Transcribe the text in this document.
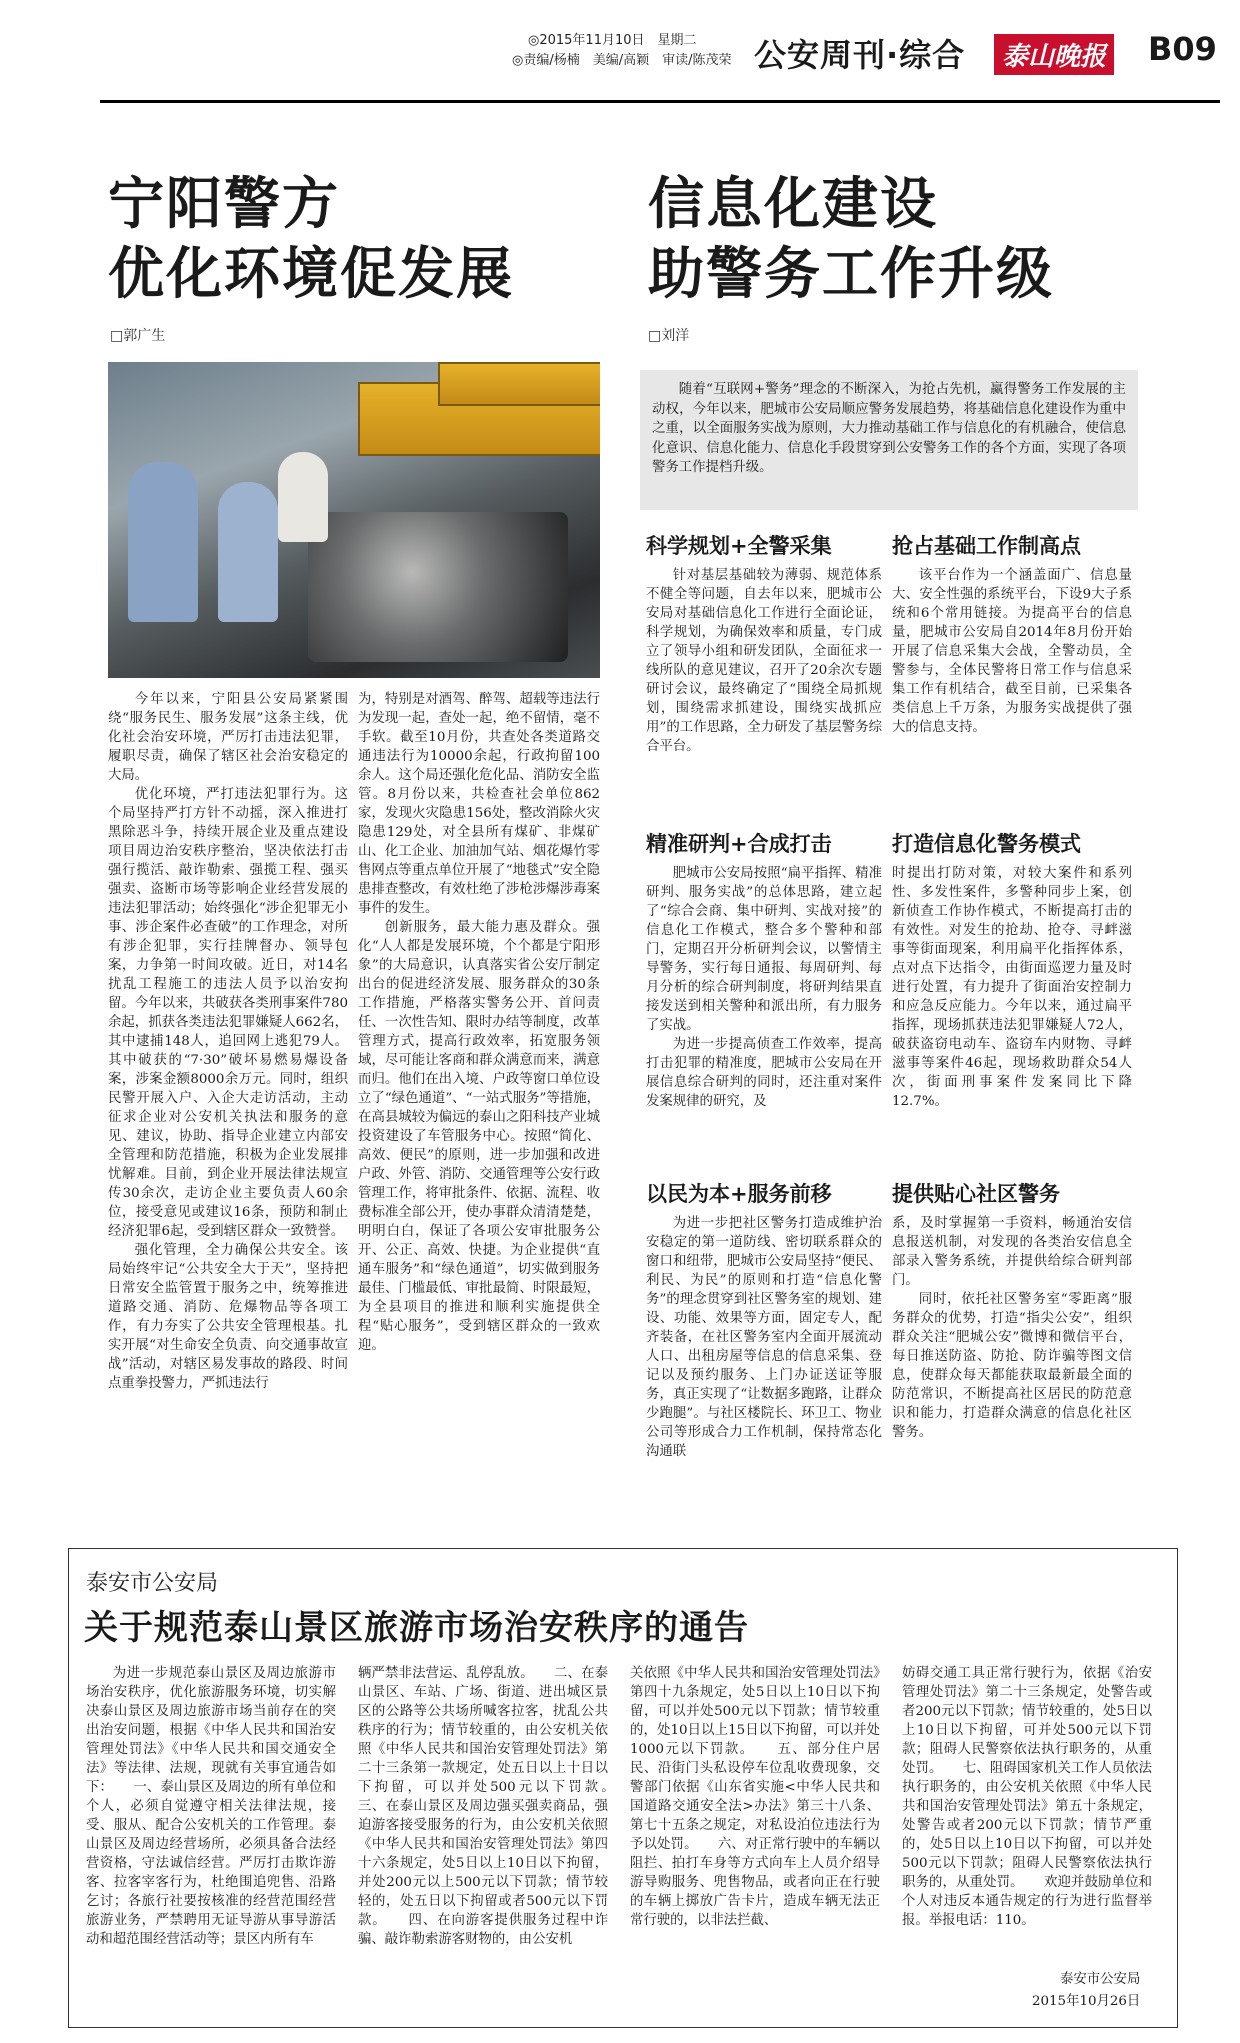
◎2015年11月10日　星期二
◎责编/杨楠　美编/高颖　审读/陈茂荣 公安周刊·综合	泰山晚报 B09
宁阳警方
优化环境促发展
□郭广生

今年以来，宁阳县公安局紧紧围绕“服务民生、服务发展”这条主线，优化社会治安环境，严厉打击违法犯罪，履职尽责，确保了辖区社会治安稳定的大局。

优化环境，严打违法犯罪行为。这个局坚持严打方针不动摇，深入推进打黑除恶斗争，持续开展企业及重点建设项目周边治安秩序整治，坚决依法打击强行揽活、敲诈勒索、强揽工程、强买强卖、盗断市场等影响企业经营发展的违法犯罪活动；始终强化“涉企犯罪无小事、涉企案件必查破”的工作理念，对所有涉企犯罪，实行挂牌督办、领导包案，力争第一时间攻破。近日，对14名扰乱工程施工的违法人员予以治安拘留。今年以来，共破获各类刑事案件780余起，抓获各类违法犯罪嫌疑人662名，其中逮捕148人，追回网上逃犯79人。其中破获的“7·30”破坏易燃易爆设备案，涉案金额8000余万元。同时，组织民警开展入户、入企大走访活动，主动征求企业对公安机关执法和服务的意见、建议，协助、指导企业建立内部安全管理和防范措施，积极为企业发展排忧解难。目前，到企业开展法律法规宣传30余次，走访企业主要负责人60余位，接受意见或建议16条，预防和制止经济犯罪6起，受到辖区群众一致赞誉。

强化管理，全力确保公共安全。该局始终牢记“公共安全大于天”，坚持把日常安全监管置于服务之中，统筹推进道路交通、消防、危爆物品等各项工作，有力夯实了公共安全管理根基。扎实开展“对生命安全负责、向交通事故宣战”活动，对辖区易发事故的路段、时间点重拳投警力，严抓违法行

为，特别是对酒驾、醉驾、超载等违法行为发现一起，查处一起，绝不留情，毫不手软。截至10月份，共查处各类道路交通违法行为10000余起，行政拘留100余人。这个局还强化危化品、消防安全监管。8月份以来，共检查社会单位862家，发现火灾隐患156处，整改消除火灾隐患129处，对全县所有煤矿、非煤矿山、化工企业、加油加气站、烟花爆竹零售网点等重点单位开展了“地毯式”安全隐患排查整改，有效杜绝了涉枪涉爆涉毒案事件的发生。

创新服务，最大能力惠及群众。强化“人人都是发展环境，个个都是宁阳形象”的大局意识，认真落实省公安厅制定出台的促进经济发展、服务群众的30条工作措施，严格落实警务公开、首问责任、一次性告知、限时办结等制度，改革管理方式，提高行政效率，拓宽服务领域，尽可能让客商和群众满意而来，满意而归。他们在出入境、户政等窗口单位设立了“绿色通道”、“一站式服务”等措施，在高县城较为偏远的泰山之阳科技产业城投资建设了车管服务中心。按照“简化、高效、便民”的原则，进一步加强和改进户政、外管、消防、交通管理等公安行政管理工作，将审批条件、依据、流程、收费标准全部公开，使办事群众清清楚楚，明明白白，保证了各项公安审批服务公开、公正、高效、快捷。为企业提供“直通车服务”和“绿色通道”，切实做到服务最佳、门槛最低、审批最简、时限最短，为全县项目的推进和顺利实施提供全程“贴心服务”，受到辖区群众的一致欢迎。

信息化建设
助警务工作升级
□刘洋
随着“互联网+警务”理念的不断深入，为抢占先机，赢得警务工作发展的主动权，今年以来，肥城市公安局顺应警务发展趋势，将基础信息化建设作为重中之重，以全面服务实战为原则，大力推动基础工作与信息化的有机融合，使信息化意识、信息化能力、信息化手段贯穿到公安警务工作的各个方面，实现了各项警务工作提档升级。
科学规划+全警采集	抢占基础工作制高点

针对基层基础较为薄弱、规范体系不健全等问题，自去年以来，肥城市公安局对基础信息化工作进行全面论证，科学规划，为确保效率和质量，专门成立了领导小组和研发团队，全面征求一线所队的意见建议，召开了20余次专题研讨会议，最终确定了“围绕全局抓规划，围绕需求抓建设，围绕实战抓应用”的工作思路，全力研发了基层警务综合平台。

该平台作为一个涵盖面广、信息量大、安全性强的系统平台，下设9大子系统和6个常用链接。为提高平台的信息量，肥城市公安局自2014年8月份开始开展了信息采集大会战，全警动员，全警参与，全体民警将日常工作与信息采集工作有机结合，截至目前，已采集各类信息上千万条，为服务实战提供了强大的信息支持。

精准研判+合成打击	打造信息化警务模式

肥城市公安局按照“扁平指挥、精准研判、服务实战”的总体思路，建立起了“综合会商、集中研判、实战对接”的信息化工作模式，整合多个警种和部门，定期召开分析研判会议，以警情主导警务，实行每日通报、每周研判、每月分析的综合研判制度，将研判结果直接发送到相关警种和派出所，有力服务了实战。

为进一步提高侦查工作效率，提高打击犯罪的精准度，肥城市公安局在开展信息综合研判的同时，还注重对案件发案规律的研究，及

时提出打防对策，对较大案件和系列性、多发性案件，多警种同步上案，创新侦查工作协作模式，不断提高打击的有效性。对发生的抢劫、抢夺、寻衅滋事等街面现案，利用扁平化指挥体系，点对点下达指令，由街面巡逻力量及时进行处置，有力提升了街面治安控制力和应急反应能力。今年以来，通过扁平指挥，现场抓获违法犯罪嫌疑人72人，破获盗窃电动车、盗窃车内财物、寻衅滋事等案件46起，现场救助群众54人次，街面刑事案件发案同比下降12.7%。

以民为本+服务前移	提供贴心社区警务

为进一步把社区警务打造成维护治安稳定的第一道防线、密切联系群众的窗口和纽带，肥城市公安局坚持“便民、利民、为民”的原则和打造“信息化警务”的理念贯穿到社区警务室的规划、建设、功能、效果等方面，固定专人，配齐装备，在社区警务室内全面开展流动人口、出租房屋等信息的信息采集、登记以及预约服务、上门办证送证等服务，真正实现了“让数据多跑路，让群众少跑腿”。与社区楼院长、环卫工、物业公司等形成合力工作机制，保持常态化沟通联

系，及时掌握第一手资料，畅通治安信息报送机制，对发现的各类治安信息全部录入警务系统，并提供给综合研判部门。

同时，依托社区警务室“零距离”服务群众的优势，打造“指尖公安”，组织群众关注“肥城公安”微博和微信平台，每日推送防盗、防抢、防诈骗等图文信息，使群众每天都能获取最新最全面的防范常识，不断提高社区居民的防范意识和能力，打造群众满意的信息化社区警务。

泰安市公安局
关于规范泰山景区旅游市场治安秩序的通告

为进一步规范泰山景区及周边旅游市场治安秩序，优化旅游服务环境，切实解决泰山景区及周边旅游市场当前存在的突出治安问题，根据《中华人民共和国治安管理处罚法》《中华人民共和国交通安全法》等法律、法规，现就有关事宜通告如下：　　一、泰山景区及周边的所有单位和个人，必须自觉遵守相关法律法规，接受、服从、配合公安机关的工作管理。泰山景区及周边经营场所，必须具备合法经营资格，守法诚信经营。严厉打击欺诈游客、拉客宰客行为，杜绝围追兜售、沿路乞讨；各旅行社要按核准的经营范围经营旅游业务，严禁聘用无证导游从事导游活动和超范围经营活动等；景区内所有车

辆严禁非法营运、乱停乱放。　　二、在泰山景区、车站、广场、街道、进出城区景区的公路等公共场所喊客拉客，扰乱公共秩序的行为；情节较重的，由公安机关依照《中华人民共和国治安管理处罚法》第二十三条第一款规定，处五日以上十日以下拘留，可以并处500元以下罚款。　　三、在泰山景区及周边强买强卖商品，强迫游客接受服务的行为，由公安机关依照《中华人民共和国治安管理处罚法》第四十六条规定，处5日以上10日以下拘留，并处200元以上500元以下罚款；情节较轻的，处五日以下拘留或者500元以下罚款。　　四、在向游客提供服务过程中诈骗、敲诈勒索游客财物的，由公安机

关依照《中华人民共和国治安管理处罚法》第四十九条规定，处5日以上10日以下拘留，可以并处500元以下罚款；情节较重的，处10日以上15日以下拘留，可以并处1000元以下罚款。　　五、部分住户居民、沿街门头私设停车位乱收费现象，交警部门依据《山东省实施<中华人民共和国道路交通安全法>办法》第三十八条、第七十五条之规定，对私设泊位违法行为予以处罚。　　六、对正常行驶中的车辆以阻拦、拍打车身等方式向车上人员介绍导游导购服务、兜售物品，或者向正在行驶的车辆上掷放广告卡片，造成车辆无法正常行驶的，以非法拦截、

妨碍交通工具正常行驶行为，依据《治安管理处罚法》第二十三条规定，处警告或者200元以下罚款；情节较重的，处5日以上10日以下拘留，可并处500元以下罚款；阻碍人民警察依法执行职务的，从重处罚。　　七、阻碍国家机关工作人员依法执行职务的，由公安机关依照《中华人民共和国治安管理处罚法》第五十条规定，处警告或者200元以下罚款；情节严重的，处5日以上10日以下拘留，可以并处500元以下罚款；阻碍人民警察依法执行职务的，从重处罚。　　欢迎并鼓励单位和个人对违反本通告规定的行为进行监督举报。举报电话：110。

泰安市公安局
2015年10月26日
